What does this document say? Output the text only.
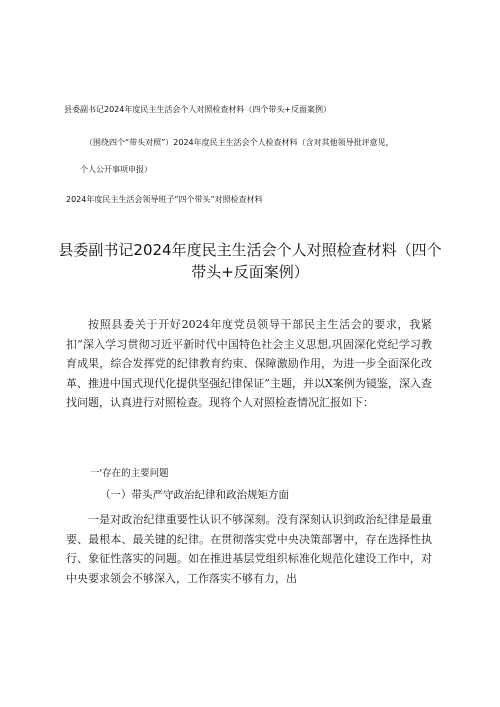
县委副书记2024年度民主生活会个人对照检查材料（四个带头+反面案例）
（围绕四个“带头对照”）2024年度民主生活会个人检查材料（含对其他领导批评意见，
个人公开事项申报）
2024年度民主生活会领导班子“四个带头”对照检查材料
县委副书记2024年度民主生活会个人对照检查材料（四个带头+反面案例）
按照县委关于开好2024年度党员领导干部民主生活会的要求，我紧扣”深入学习贯彻习近平新时代中国特色社会主义思想,巩固深化党纪学习教育成果，综合发挥党的纪律教育约束、保障激励作用，为进一步全面深化改革、推进中国式现代化提供坚强纪律保证”主题，并以X案例为镜鉴，深入查找问题，认真进行对照检查。现将个人对照检查情况汇报如下：
一'存在的主要问题
（一）带头严守政治纪律和政治规矩方面
一是对政治纪律重要性认识不够深刻。没有深刻认识到政治纪律是最重要、最根本、最关键的纪律。在贯彻落实党中央决策部署中，存在选择性执行、象征性落实的问题。如在推进基层党组织标准化规范化建设工作中，对中央要求领会不够深入，工作落实不够有力，出
